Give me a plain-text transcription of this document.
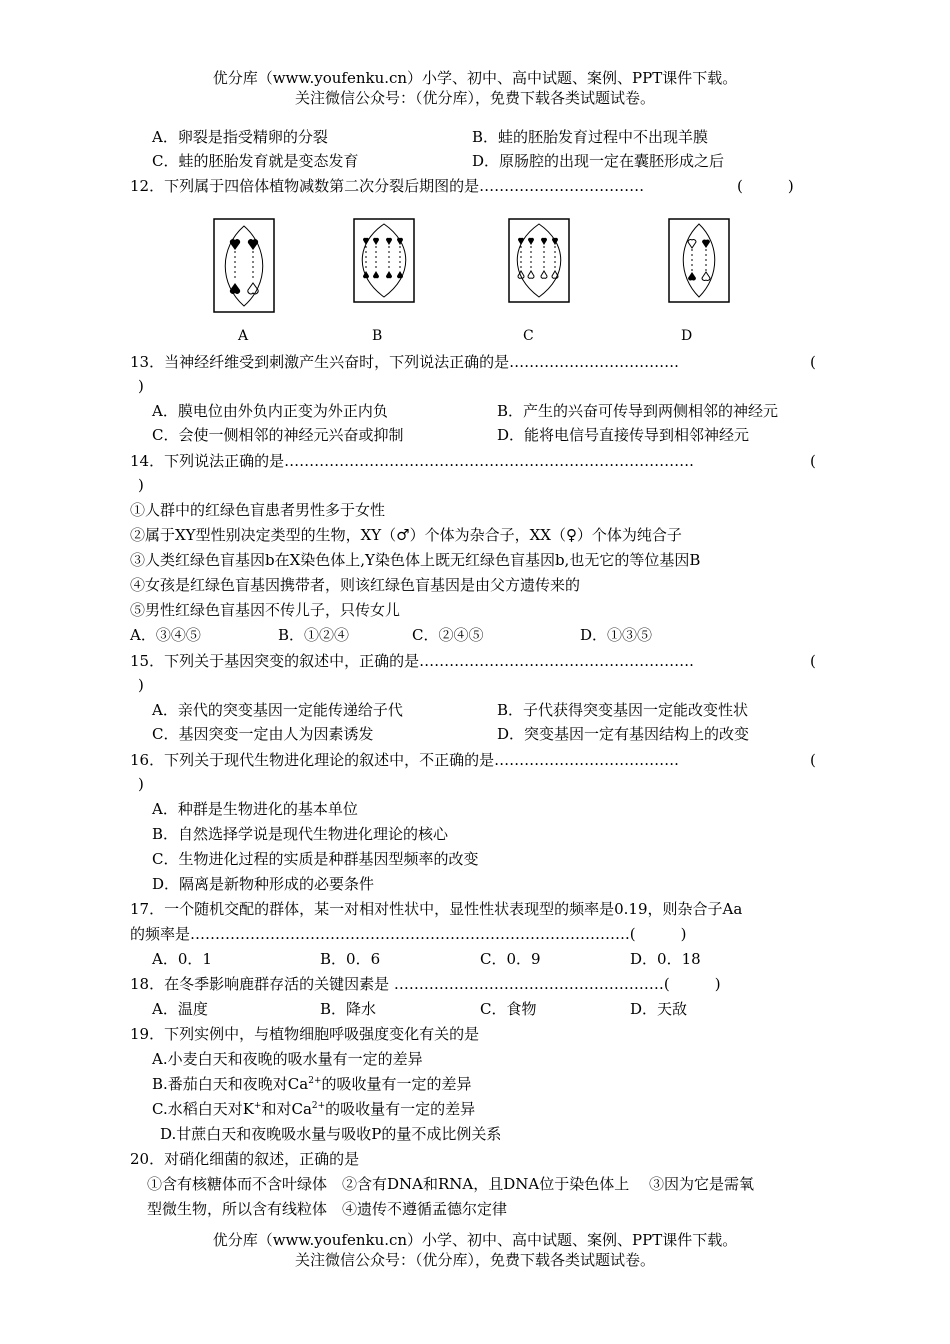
优分库（www.youfenku.cn）小学、初中、高中试题、案例、PPT课件下载。
关注微信公众号：（优分库），免费下载各类试题试卷。
A．卵裂是指受精卵的分裂	B．蛙的胚胎发育过程中不出现羊膜
C．蛙的胚胎发育就是变态发育	D．原肠腔的出现一定在囊胚形成之后
12．下列属于四倍体植物减数第二次分裂后期图的是……………………………	(　　　)
A	B	C	D
13．当神经纤维受到刺激产生兴奋时，下列说法正确的是…………………………….	(
)
A．膜电位由外负内正变为外正内负	B．产生的兴奋可传导到两侧相邻的神经元
C．会使一侧相邻的神经元兴奋或抑制	D．能将电信号直接传导到相邻神经元
14．下列说法正确的是……………………………………………………………………….	(
)
①人群中的红绿色盲患者男性多于女性
②属于XY型性别决定类型的生物，XY（♂）个体为杂合子，XX（♀）个体为纯合子
③人类红绿色盲基因b在X染色体上,Y染色体上既无红绿色盲基因b,也无它的等位基因B
④女孩是红绿色盲基因携带者，则该红绿色盲基因是由父方遗传来的
⑤男性红绿色盲基因不传儿子，只传女儿
A．③④⑤	B．①②④	C．②④⑤	D．①③⑤
15．下列关于基因突变的叙述中，正确的是……………………………………………….	(
)
A．亲代的突变基因一定能传递给子代	B．子代获得突变基因一定能改变性状
C．基因突变一定由人为因素诱发	D．突变基因一定有基因结构上的改变
16．下列关于现代生物进化理论的叙述中，不正确的是……………………………….	(
)
A．种群是生物进化的基本单位
B．自然选择学说是现代生物进化理论的核心
C．生物进化过程的实质是种群基因型频率的改变
D．隔离是新物种形成的必要条件
17．一个随机交配的群体，某一对相对性状中，显性性状表现型的频率是0.19，则杂合子Aa
的频率是…………………………………………………………………………….(　　　)
A．0．1	B．0．6	C．0．9	D．0．18
18．在冬季影响鹿群存活的关键因素是 ………………………………………………(　　　)
A．温度	B．降水	C．食物	D．天敌
19．下列实例中，与植物细胞呼吸强度变化有关的是
A.小麦白天和夜晚的吸水量有一定的差异
B.番茄白天和夜晚对$Ca^{2+}$的吸收量有一定的差异
C.水稻白天对K+和对$Ca^{2+}$的吸收量有一定的差异
D.甘蔗白天和夜晚吸水量与吸收P的量不成比例关系
20．对硝化细菌的叙述，正确的是
①含有核糖体而不含叶绿体　②含有DNA和RNA，且DNA位于染色体上　 ③因为它是需氧
型微生物，所以含有线粒体　④遗传不遵循孟德尔定律
优分库（www.youfenku.cn）小学、初中、高中试题、案例、PPT课件下载。
关注微信公众号：（优分库），免费下载各类试题试卷。
